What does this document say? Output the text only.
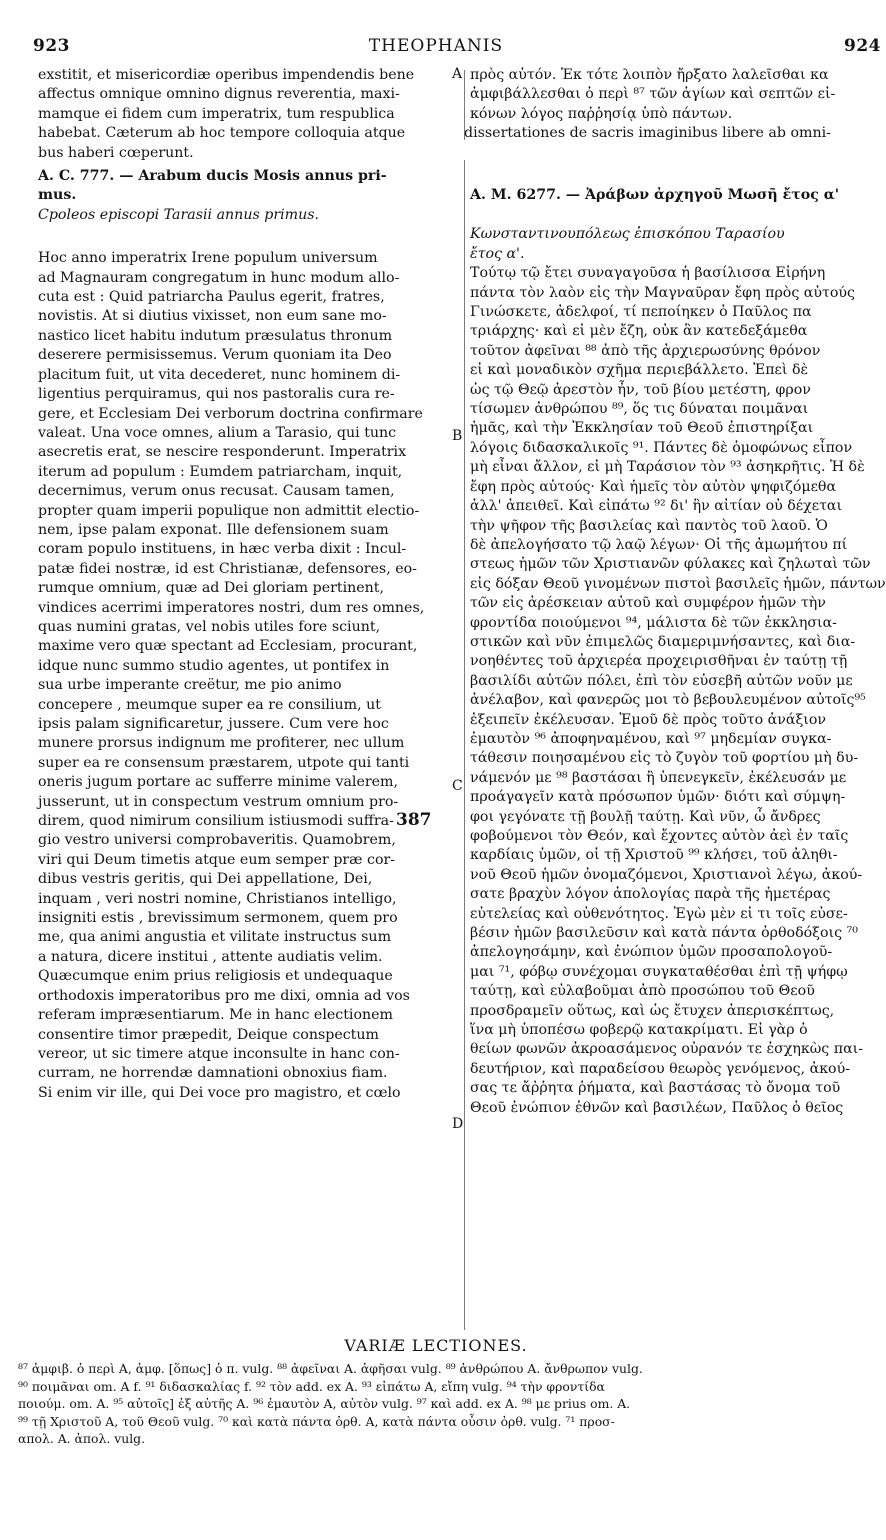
923	THEOPHANIS	924

exstitit, et misericordiæ operibus impendendis bene

affectus omnique omnino dignus reverentia, maxi-

mamque ei fidem cum imperatrix, tum respublica

habebat. Cæterum ab hoc tempore colloquia atque

bus haberi cœperunt.

A. C. 777. — Arabum ducis Mosis annus pri-

mus.

Cpoleos episcopi Tarasii annus primus.

Hoc anno imperatrix Irene populum universum

ad Magnauram congregatum in hunc modum allo-

cuta est : Quid patriarcha Paulus egerit, fratres,

novistis. At si diutius vixisset, non eum sane mo-

nastico licet habitu indutum præsulatus thronum

deserere permisissemus. Verum quoniam ita Deo

placitum fuit, ut vita decederet, nunc hominem di-

ligentius perquiramus, qui nos pastoralis cura re-

gere, et Ecclesiam Dei verborum doctrina confirmare

valeat. Una voce omnes, alium a Tarasio, qui tunc

asecretis erat, se nescire responderunt. Imperatrix

iterum ad populum : Eumdem patriarcham, inquit,

decernimus, verum onus recusat. Causam tamen,

propter quam imperii populique non admittit electio-

nem, ipse palam exponat. Ille defensionem suam

coram populo instituens, in hæc verba dixit : Incul-

patæ fidei nostræ, id est Christianæ, defensores, eo-

rumque omnium, quæ ad Dei gloriam pertinent,

vindices acerrimi imperatores nostri, dum res omnes,

quas numini gratas, vel nobis utiles fore sciunt,

maxime vero quæ spectant ad Ecclesiam, procurant,

idque nunc summo studio agentes, ut pontifex in

sua urbe imperante creëtur, me pio animo

concepere , meumque super ea re consilium, ut

ipsis palam significaretur, jussere. Cum vere hoc

munere prorsus indignum me profiterer, nec ullum

super ea re consensum præstarem, utpote qui tanti

oneris jugum portare ac sufferre minime valerem,

jusserunt, ut in conspectum vestrum omnium pro-

direm, quod nimirum consilium istiusmodi suffra-

gio vestro universi comprobaveritis. Quamobrem,

viri qui Deum timetis atque eum semper præ cor-

dibus vestris geritis, qui Dei appellatione, Dei,

inquam , veri nostri nomine, Christianos intelligo,

insigniti estis , brevissimum sermonem, quem pro

me, qua animi angustia et vilitate instructus sum

a natura, dicere institui , attente audiatis velim.

Quæcumque enim prius religiosis et undequaque

orthodoxis imperatoribus pro me dixi, omnia ad vos

referam impræsentiarum. Me in hanc electionem

consentire timor præpedit, Deique conspectum

vereor, ut sic timere atque inconsulte in hanc con-

curram, ne horrendæ damnationi obnoxius fiam.

Si enim vir ille, qui Dei voce pro magistro, et cœlo

πρὸς αὐτόν. Ἐκ τότε λοιπὸν ἤρξατο λαλεῖσθαι κα

ἀμφιβάλλεσθαι ὁ περὶ ⁸⁷ τῶν ἁγίων καὶ σεπτῶν εἰ-

κόνων λόγος παῤῥησίᾳ ὑπὸ πάντων.

dissertationes de sacris imaginibus libere ab omni-

A. M. 6277. — Ἀράβων ἀρχηγοῦ Μωσῆ ἔτος α'

Κωνσταντινουπόλεως ἐπισκόπου Ταρασίου

ἔτος α'.

Τούτῳ τῷ ἔτει συναγαγοῦσα ἡ βασίλισσα Εἰρήνη

πάντα τὸν λαὸν εἰς τὴν Μαγναῦραν ἔφη πρὸς αὐτούς

Γινώσκετε, ἀδελφοί, τί πεποίηκεν ὁ Παῦλος πα

τριάρχης· καὶ εἰ μὲν ἔζη, οὐκ ἂν κατεδεξάμεθα

τοῦτον ἀφεῖναι ⁸⁸ ἀπὸ τῆς ἀρχιερωσύνης θρόνον

εἰ καὶ μοναδικὸν σχῆμα περιεβάλλετο. Ἐπεὶ δὲ

ὡς τῷ Θεῷ ἀρεστὸν ἦν, τοῦ βίου μετέστη, φρον

τίσωμεν ἀνθρώπου ⁸⁹, ὅς τις δύναται ποιμᾶναι

ἡμᾶς, καὶ τὴν Ἐκκλησίαν τοῦ Θεοῦ ἐπιστηρίξαι

λόγοις διδασκαλικοῖς ⁹¹. Πάντες δὲ ὁμοφώνως εἶπον

μὴ εἶναι ἄλλον, εἰ μὴ Ταράσιον τὸν ⁹³ ἀσηκρῆτις. Ἡ δὲ

ἔφη πρὸς αὐτούς· Καὶ ἡμεῖς τὸν αὐτὸν ψηφιζόμεθα

ἀλλ' ἀπειθεῖ. Καὶ εἰπάτω ⁹² δι' ἣν αἰτίαν οὐ δέχεται

τὴν ψῆφον τῆς βασιλείας καὶ παντὸς τοῦ λαοῦ. Ὁ

δὲ ἀπελογήσατο τῷ λαῷ λέγων· Οἱ τῆς ἀμωμήτου πί

στεως ἡμῶν τῶν Χριστιανῶν φύλακες καὶ ζηλωταὶ τῶν

εἰς δόξαν Θεοῦ γινομένων πιστοὶ βασιλεῖς ἡμῶν, πάντων

τῶν εἰς ἀρέσκειαν αὐτοῦ καὶ συμφέρον ἡμῶν τὴν

φροντίδα ποιούμενοι ⁹⁴, μάλιστα δὲ τῶν ἐκκλησια-

στικῶν καὶ νῦν ἐπιμελῶς διαμεριμνήσαντες, καὶ δια-

νοηθέντες τοῦ ἀρχιερέα προχειρισθῆναι ἐν ταύτῃ τῇ

βασιλίδι αὐτῶν πόλει, ἐπὶ τὸν εὐσεβῆ αὐτῶν νοῦν με

ἀνέλαβον, καὶ φανερῶς μοι τὸ βεβουλευμένον αὐτοῖς⁹⁵

ἐξειπεῖν ἐκέλευσαν. Ἐμοῦ δὲ πρὸς τοῦτο ἀνάξιον

ἐμαυτὸν ⁹⁶ ἀποφηναμένου, καὶ ⁹⁷ μηδεμίαν συγκα-

τάθεσιν ποιησαμένου εἰς τὸ ζυγὸν τοῦ φορτίου μὴ δυ-

νάμενόν με ⁹⁸ βαστάσαι ἢ ὑπενεγκεῖν, ἐκέλευσάν με

προάγαγεῖν κατὰ πρόσωπον ὑμῶν· διότι καὶ σύμψη-

φοι γεγόνατε τῇ βουλῇ ταύτῃ. Καὶ νῦν, ὦ ἄνδρες

φοβούμενοι τὸν Θεόν, καὶ ἔχοντες αὐτὸν ἀεὶ ἐν ταῖς

καρδίαις ὑμῶν, οἱ τῇ Χριστοῦ ⁹⁹ κλήσει, τοῦ ἀληθι-

νοῦ Θεοῦ ἡμῶν ὀνομαζόμενοι, Χριστιανοὶ λέγω, ἀκού-

σατε βραχὺν λόγον ἀπολογίας παρὰ τῆς ἡμετέρας

εὐτελείας καὶ οὐθενότητος. Ἐγὼ μὲν εἰ τι τοῖς εὐσε-

βέσιν ἡμῶν βασιλεῦσιν καὶ κατὰ πάντα ὀρθοδόξοις ⁷⁰

ἀπελογησάμην, καὶ ἐνώπιον ὑμῶν προσαπολογοῦ-

μαι ⁷¹, φόβῳ συνέχομαι συγκαταθέσθαι ἐπὶ τῇ ψήφῳ

ταύτῃ, καὶ εὐλαβοῦμαι ἀπὸ προσώπου τοῦ Θεοῦ

προσδραμεῖν οὕτως, καὶ ὡς ἔτυχεν ἀπερισκέπτως,

ἵνα μὴ ὑποπέσω φοβερῷ κατακρίματι. Εἰ γὰρ ὁ

θείων φωνῶν ἀκροασάμενος οὐρανόν τε ἐσχηκὼς παι-

δευτήριον, καὶ παραδείσου θεωρὸς γενόμενος, ἀκού-

σας τε ἄῤῥητα ῥήματα, καὶ βαστάσας τὸ ὄνομα τοῦ

Θεοῦ ἐνώπιον ἐθνῶν καὶ βασιλέων, Παῦλος ὁ θεῖος

A
B
C
D
387
VARIÆ LECTIONES.

⁸⁷ ἀμφιβ. ὁ περὶ A, ἀμφ. [ὅπως] ὁ π. vulg. ⁸⁸ ἀφεῖναι A. ἀφῆσαι vulg. ⁸⁹ ἀνθρώπου A. ἄνθρωπον vulg.

⁹⁰ ποιμᾶναι om. A f. ⁹¹ διδασκαλίας f. ⁹² τὸν add. ex A. ⁹³ εἰπάτω A, εἴπη vulg. ⁹⁴ τὴν φροντίδα

ποιούμ. om. A. ⁹⁵ αὐτοῖς] ἐξ αὐτῆς A. ⁹⁶ ἐμαυτὸν A, αὐτὸν vulg. ⁹⁷ καὶ add. ex A. ⁹⁸ με prius om. A.

⁹⁹ τῇ Χριστοῦ A, τοῦ Θεοῦ vulg. ⁷⁰ καὶ κατὰ πάντα ὀρθ. A, κατὰ πάντα οὖσιν ὀρθ. vulg. ⁷¹ προσ-

απολ. A. ἀπολ. vulg.
